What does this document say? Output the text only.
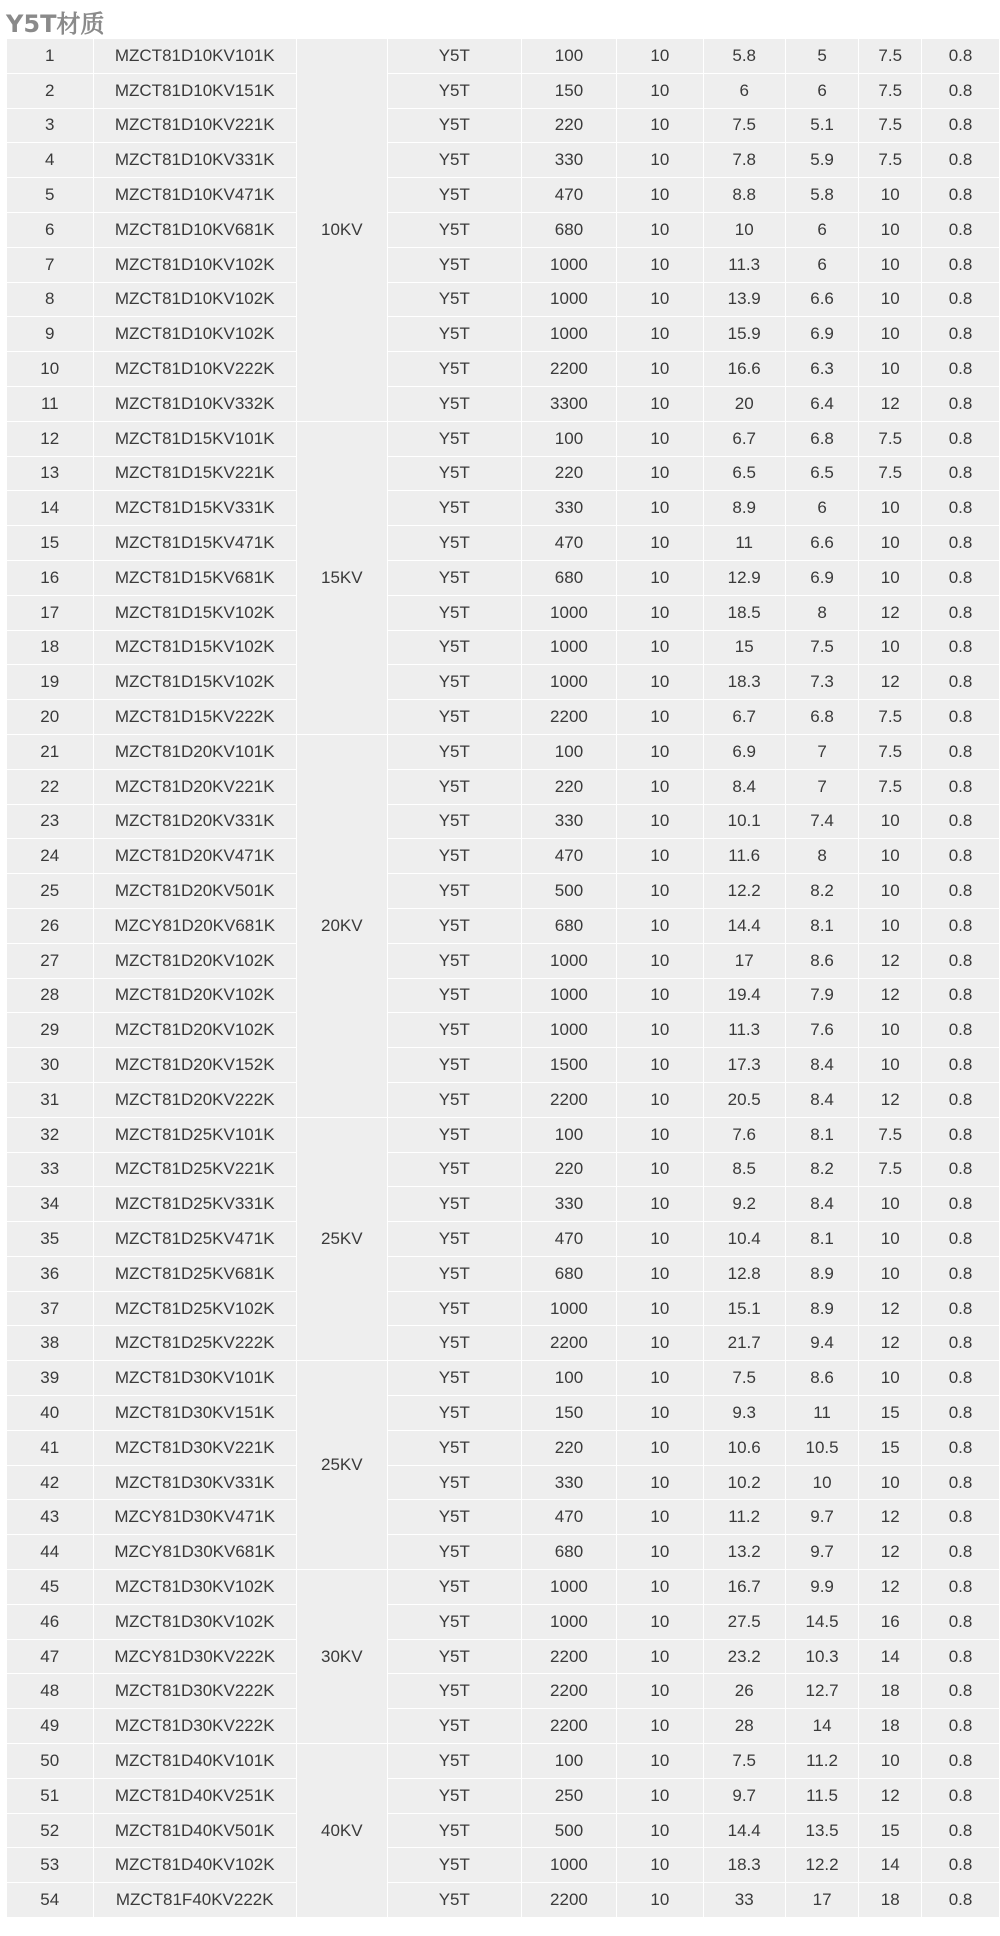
Y5T材质
1	MZCT81D10KV101K	10KV	Y5T	100	10	5.8	5	7.5	0.8
2	MZCT81D10KV151K		Y5T	150	10	6	6	7.5	0.8
3	MZCT81D10KV221K		Y5T	220	10	7.5	5.1	7.5	0.8
4	MZCT81D10KV331K		Y5T	330	10	7.8	5.9	7.5	0.8
5	MZCT81D10KV471K		Y5T	470	10	8.8	5.8	10	0.8
6	MZCT81D10KV681K		Y5T	680	10	10	6	10	0.8
7	MZCT81D10KV102K		Y5T	1000	10	11.3	6	10	0.8
8	MZCT81D10KV102K		Y5T	1000	10	13.9	6.6	10	0.8
9	MZCT81D10KV102K		Y5T	1000	10	15.9	6.9	10	0.8
10	MZCT81D10KV222K		Y5T	2200	10	16.6	6.3	10	0.8
11	MZCT81D10KV332K		Y5T	3300	10	20	6.4	12	0.8
12	MZCT81D15KV101K	15KV	Y5T	100	10	6.7	6.8	7.5	0.8
13	MZCT81D15KV221K		Y5T	220	10	6.5	6.5	7.5	0.8
14	MZCT81D15KV331K		Y5T	330	10	8.9	6	10	0.8
15	MZCT81D15KV471K		Y5T	470	10	11	6.6	10	0.8
16	MZCT81D15KV681K		Y5T	680	10	12.9	6.9	10	0.8
17	MZCT81D15KV102K		Y5T	1000	10	18.5	8	12	0.8
18	MZCT81D15KV102K		Y5T	1000	10	15	7.5	10	0.8
19	MZCT81D15KV102K		Y5T	1000	10	18.3	7.3	12	0.8
20	MZCT81D15KV222K		Y5T	2200	10	6.7	6.8	7.5	0.8
21	MZCT81D20KV101K	20KV	Y5T	100	10	6.9	7	7.5	0.8
22	MZCT81D20KV221K		Y5T	220	10	8.4	7	7.5	0.8
23	MZCT81D20KV331K		Y5T	330	10	10.1	7.4	10	0.8
24	MZCT81D20KV471K		Y5T	470	10	11.6	8	10	0.8
25	MZCT81D20KV501K		Y5T	500	10	12.2	8.2	10	0.8
26	MZCY81D20KV681K		Y5T	680	10	14.4	8.1	10	0.8
27	MZCT81D20KV102K		Y5T	1000	10	17	8.6	12	0.8
28	MZCT81D20KV102K		Y5T	1000	10	19.4	7.9	12	0.8
29	MZCT81D20KV102K		Y5T	1000	10	11.3	7.6	10	0.8
30	MZCT81D20KV152K		Y5T	1500	10	17.3	8.4	10	0.8
31	MZCT81D20KV222K		Y5T	2200	10	20.5	8.4	12	0.8
32	MZCT81D25KV101K	25KV	Y5T	100	10	7.6	8.1	7.5	0.8
33	MZCT81D25KV221K		Y5T	220	10	8.5	8.2	7.5	0.8
34	MZCT81D25KV331K		Y5T	330	10	9.2	8.4	10	0.8
35	MZCT81D25KV471K		Y5T	470	10	10.4	8.1	10	0.8
36	MZCT81D25KV681K		Y5T	680	10	12.8	8.9	10	0.8
37	MZCT81D25KV102K		Y5T	1000	10	15.1	8.9	12	0.8
38	MZCT81D25KV222K		Y5T	2200	10	21.7	9.4	12	0.8
39	MZCT81D30KV101K	25KV	Y5T	100	10	7.5	8.6	10	0.8
40	MZCT81D30KV151K		Y5T	150	10	9.3	11	15	0.8
41	MZCT81D30KV221K		Y5T	220	10	10.6	10.5	15	0.8
42	MZCT81D30KV331K		Y5T	330	10	10.2	10	10	0.8
43	MZCY81D30KV471K		Y5T	470	10	11.2	9.7	12	0.8
44	MZCY81D30KV681K		Y5T	680	10	13.2	9.7	12	0.8
45	MZCT81D30KV102K	30KV	Y5T	1000	10	16.7	9.9	12	0.8
46	MZCT81D30KV102K		Y5T	1000	10	27.5	14.5	16	0.8
47	MZCY81D30KV222K		Y5T	2200	10	23.2	10.3	14	0.8
48	MZCT81D30KV222K		Y5T	2200	10	26	12.7	18	0.8
49	MZCT81D30KV222K		Y5T	2200	10	28	14	18	0.8
50	MZCT81D40KV101K	40KV	Y5T	100	10	7.5	11.2	10	0.8
51	MZCT81D40KV251K		Y5T	250	10	9.7	11.5	12	0.8
52	MZCT81D40KV501K		Y5T	500	10	14.4	13.5	15	0.8
53	MZCT81D40KV102K		Y5T	1000	10	18.3	12.2	14	0.8
54	MZCT81F40KV222K		Y5T	2200	10	33	17	18	0.8
